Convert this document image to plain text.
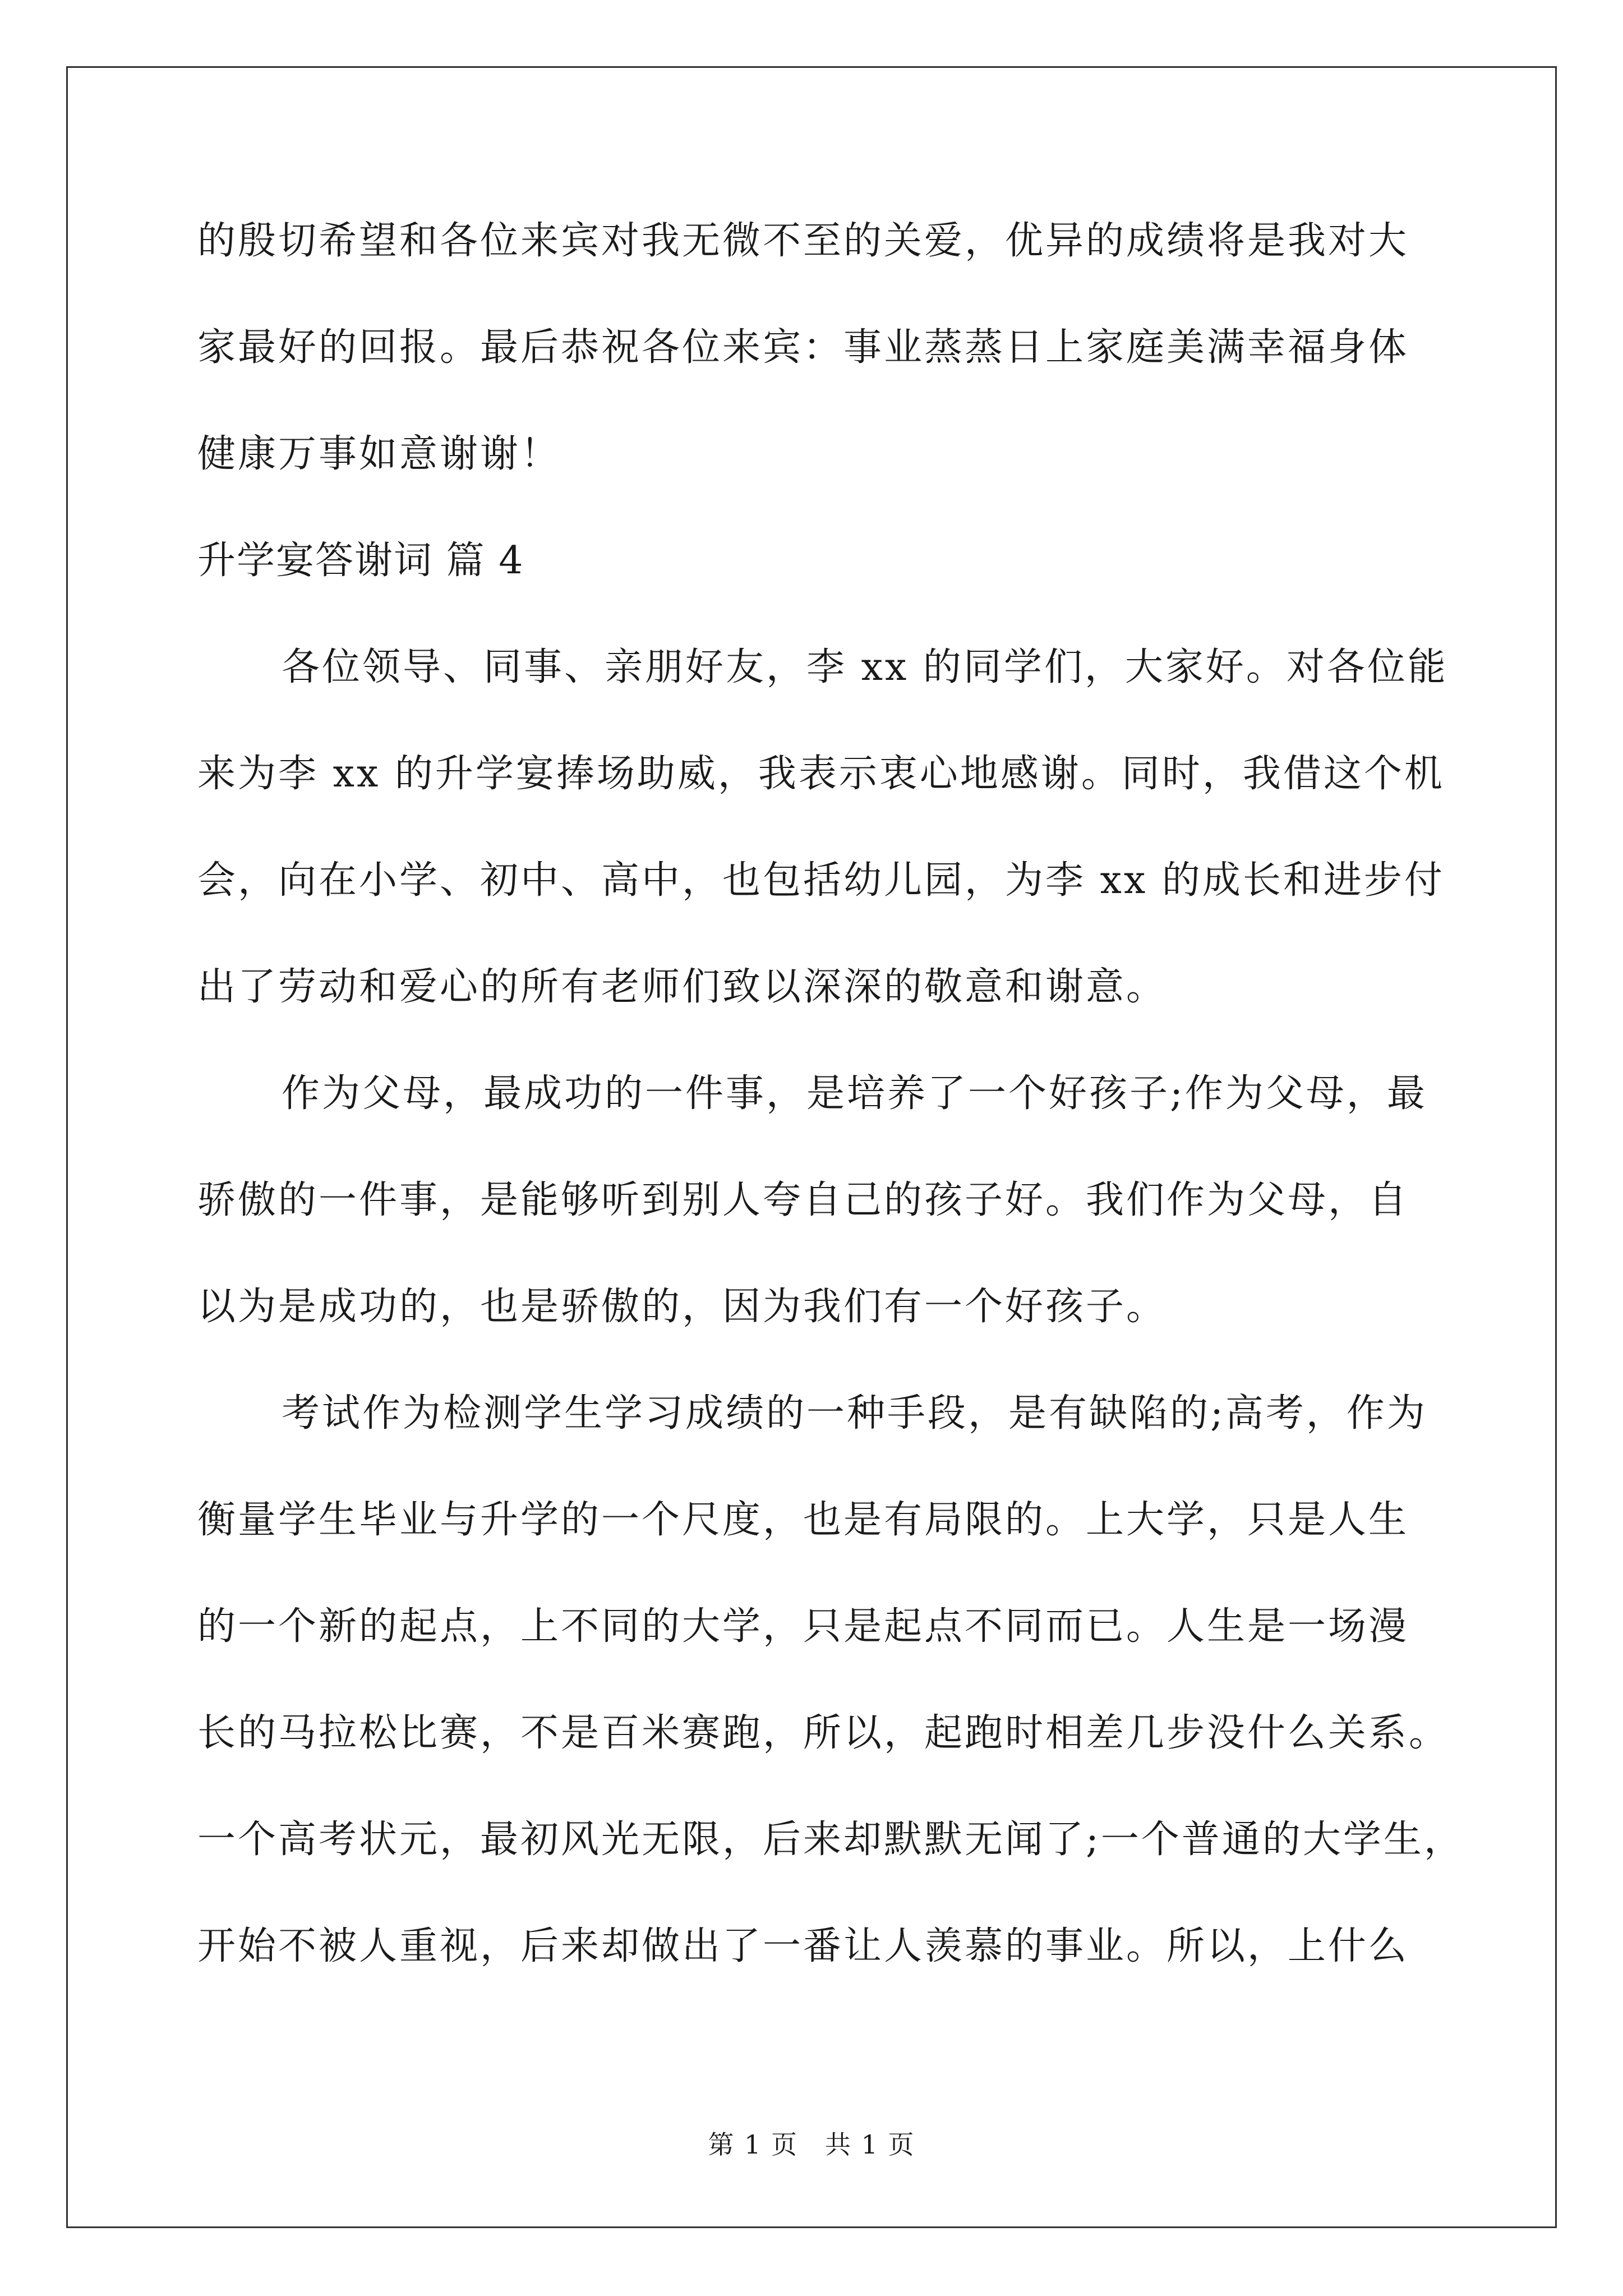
的殷切希望和各位来宾对我无微不至的关爱，优异的成绩将是我对大
家最好的回报。最后恭祝各位来宾：事业蒸蒸日上家庭美满幸福身体
健康万事如意谢谢！
升学宴答谢词 篇 4
各位领导、同事、亲朋好友，李 xx 的同学们，大家好。对各位能
来为李 xx 的升学宴捧场助威，我表示衷心地感谢。同时，我借这个机
会，向在小学、初中、高中，也包括幼儿园，为李 xx 的成长和进步付
出了劳动和爱心的所有老师们致以深深的敬意和谢意。
作为父母，最成功的一件事，是培养了一个好孩子;作为父母，最
骄傲的一件事，是能够听到别人夸自己的孩子好。我们作为父母，自
以为是成功的，也是骄傲的，因为我们有一个好孩子。
考试作为检测学生学习成绩的一种手段，是有缺陷的;高考，作为
衡量学生毕业与升学的一个尺度，也是有局限的。上大学，只是人生
的一个新的起点，上不同的大学，只是起点不同而已。人生是一场漫
长的马拉松比赛，不是百米赛跑，所以，起跑时相差几步没什么关系。
一个高考状元，最初风光无限，后来却默默无闻了;一个普通的大学生，
开始不被人重视，后来却做出了一番让人羡慕的事业。所以，上什么
第 1 页　共 1 页
